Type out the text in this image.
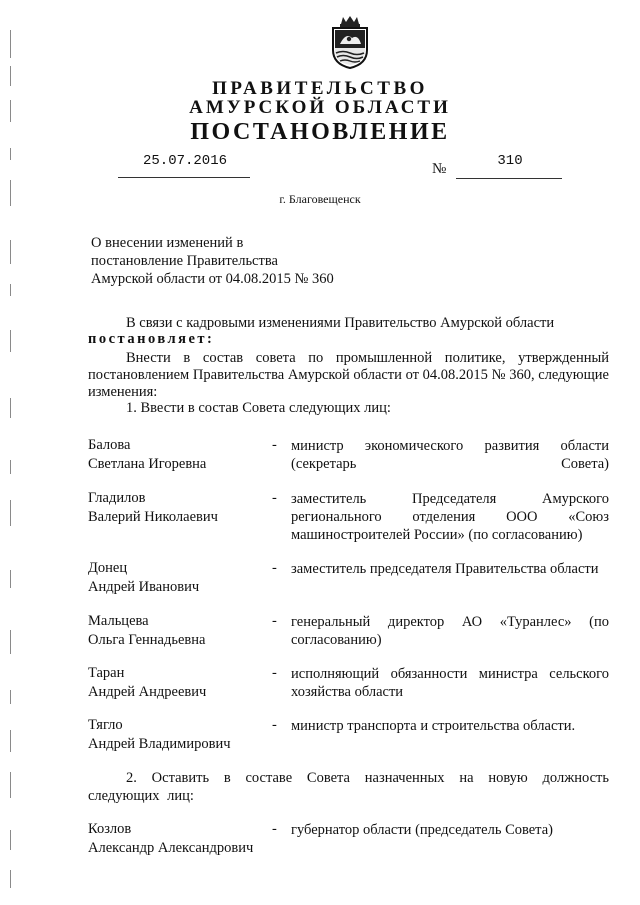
ПРАВИТЕЛЬСТВО
АМУРСКОЙ ОБЛАСТИ
ПОСТАНОВЛЕНИЕ
25.07.2016	№	310
г. Благовещенск
О внесении изменений в
постановление Правительства
Амурской области от 04.08.2015 № 360
В связи с кадровыми изменениями Правительство Амурской области
постановляет:
Внести в состав совета по промышленной политике, утвержденный постановлением Правительства Амурской области от 04.08.2015 № 360, следующие изменения:
1. Ввести в состав Совета следующих лиц:
Балова
Светлана Игоревна
- министр экономического развития области (секретарь Совета)
Гладилов
Валерий Николаевич
- заместитель Председателя Амурского регионального отделения ООО «Союз машиностроителей России» (по согласованию)
Донец
Андрей Иванович
- заместитель председателя Правительства области
Мальцева
Ольга Геннадьевна
- генеральный директор АО «Туранлес» (по согласованию)
Таран
Андрей Андреевич
- исполняющий обязанности министра сельского хозяйства области
Тягло
Андрей Владимирович
- министр транспорта и строительства области.
2. Оставить в составе Совета назначенных на новую должность следующих лиц:
Козлов
Александр Александрович
- губернатор области (председатель Совета)
